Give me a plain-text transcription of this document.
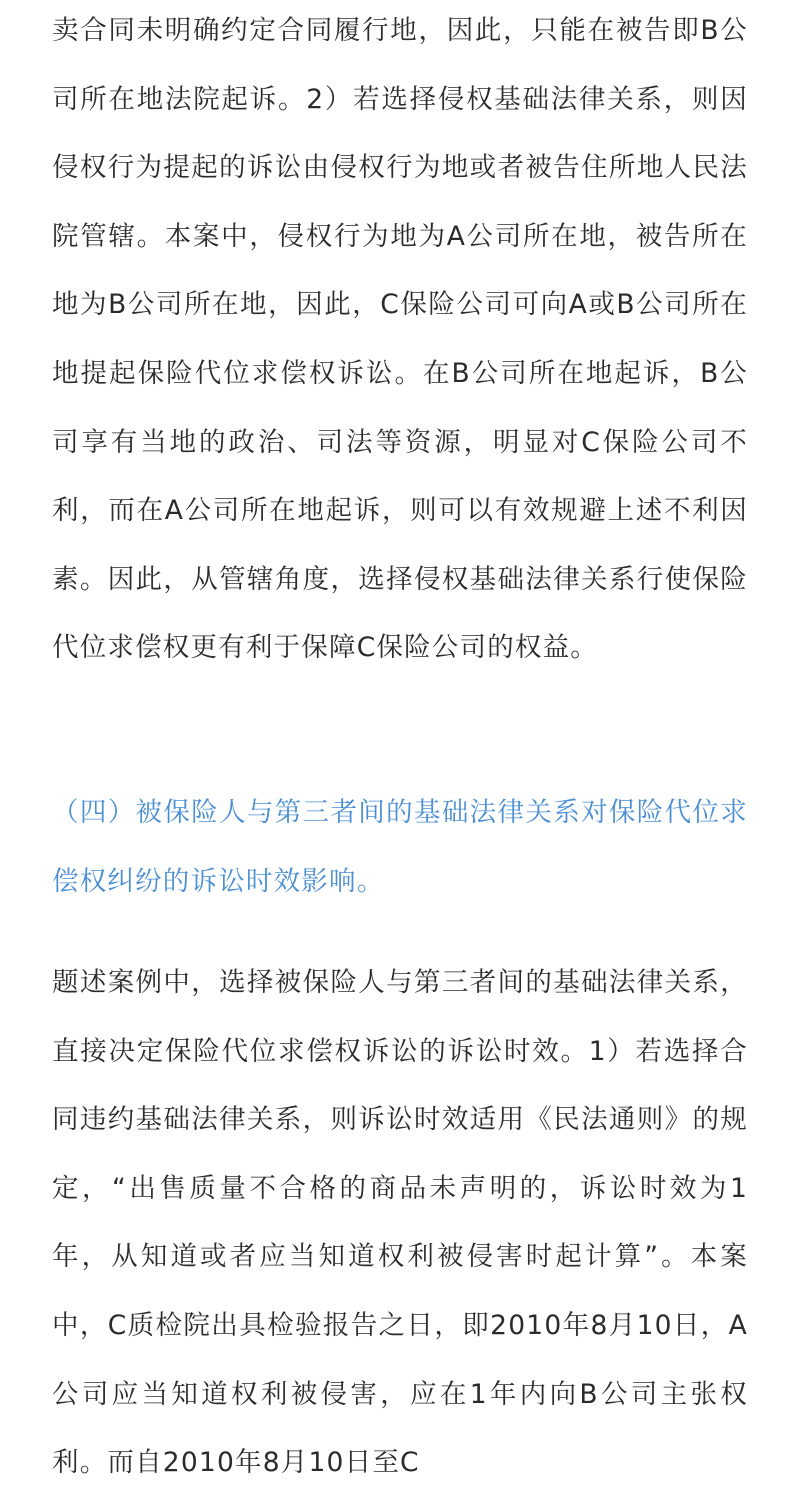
卖合同未明确约定合同履行地，因此，只能在被告即B公司所在地法院起诉。2）若选择侵权基础法律关系，则因侵权行为提起的诉讼由侵权行为地或者被告住所地人民法院管辖。本案中，侵权行为地为A公司所在地，被告所在地为B公司所在地，因此，C保险公司可向A或B公司所在地提起保险代位求偿权诉讼。在B公司所在地起诉，B公司享有当地的政治、司法等资源，明显对C保险公司不利，而在A公司所在地起诉，则可以有效规避上述不利因素。因此，从管辖角度，选择侵权基础法律关系行使保险代位求偿权更有利于保障C保险公司的权益。

（四）被保险人与第三者间的基础法律关系对保险代位求偿权纠纷的诉讼时效影响。

题述案例中，选择被保险人与第三者间的基础法律关系，直接决定保险代位求偿权诉讼的诉讼时效。1）若选择合同违约基础法律关系，则诉讼时效适用《民法通则》的规定，“出售质量不合格的商品未声明的，诉讼时效为1年，从知道或者应当知道权利被侵害时起计算”。本案中，C质检院出具检验报告之日，即2010年8月10日，A公司应当知道权利被侵害，应在1年内向B公司主张权利。而自2010年8月10日至C
